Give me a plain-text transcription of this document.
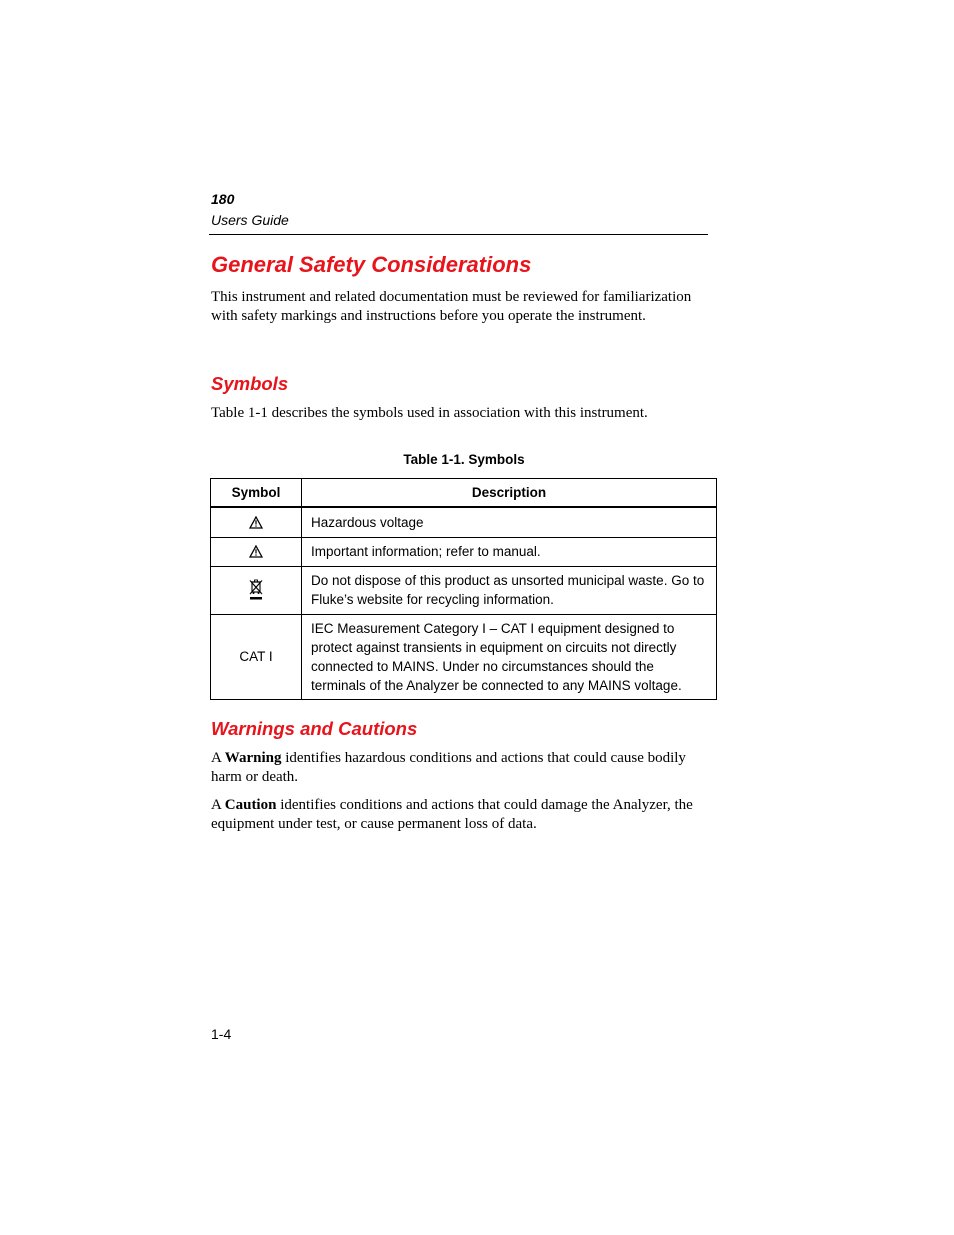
180
Users Guide
General Safety Considerations

This instrument and related documentation must be reviewed for familiarization with safety markings and instructions before you operate the instrument.

Symbols

Table 1-1 describes the symbols used in association with this instrument.

Table 1-1. Symbols
Symbol	Description

	Hazardous voltage

	Important information; refer to manual.

	Do not dispose of this product as unsorted municipal waste. Go to Fluke’s website for recycling information.
CAT I	IEC Measurement Category I – CAT I equipment designed to protect against transients in equipment on circuits not directly connected to MAINS. Under no circumstances should the terminals of the Analyzer be connected to any MAINS voltage.
Warnings and Cautions

A Warning identifies hazardous conditions and actions that could cause bodily harm or death.

A Caution identifies conditions and actions that could damage the Analyzer, the equipment under test, or cause permanent loss of data.

1-4
